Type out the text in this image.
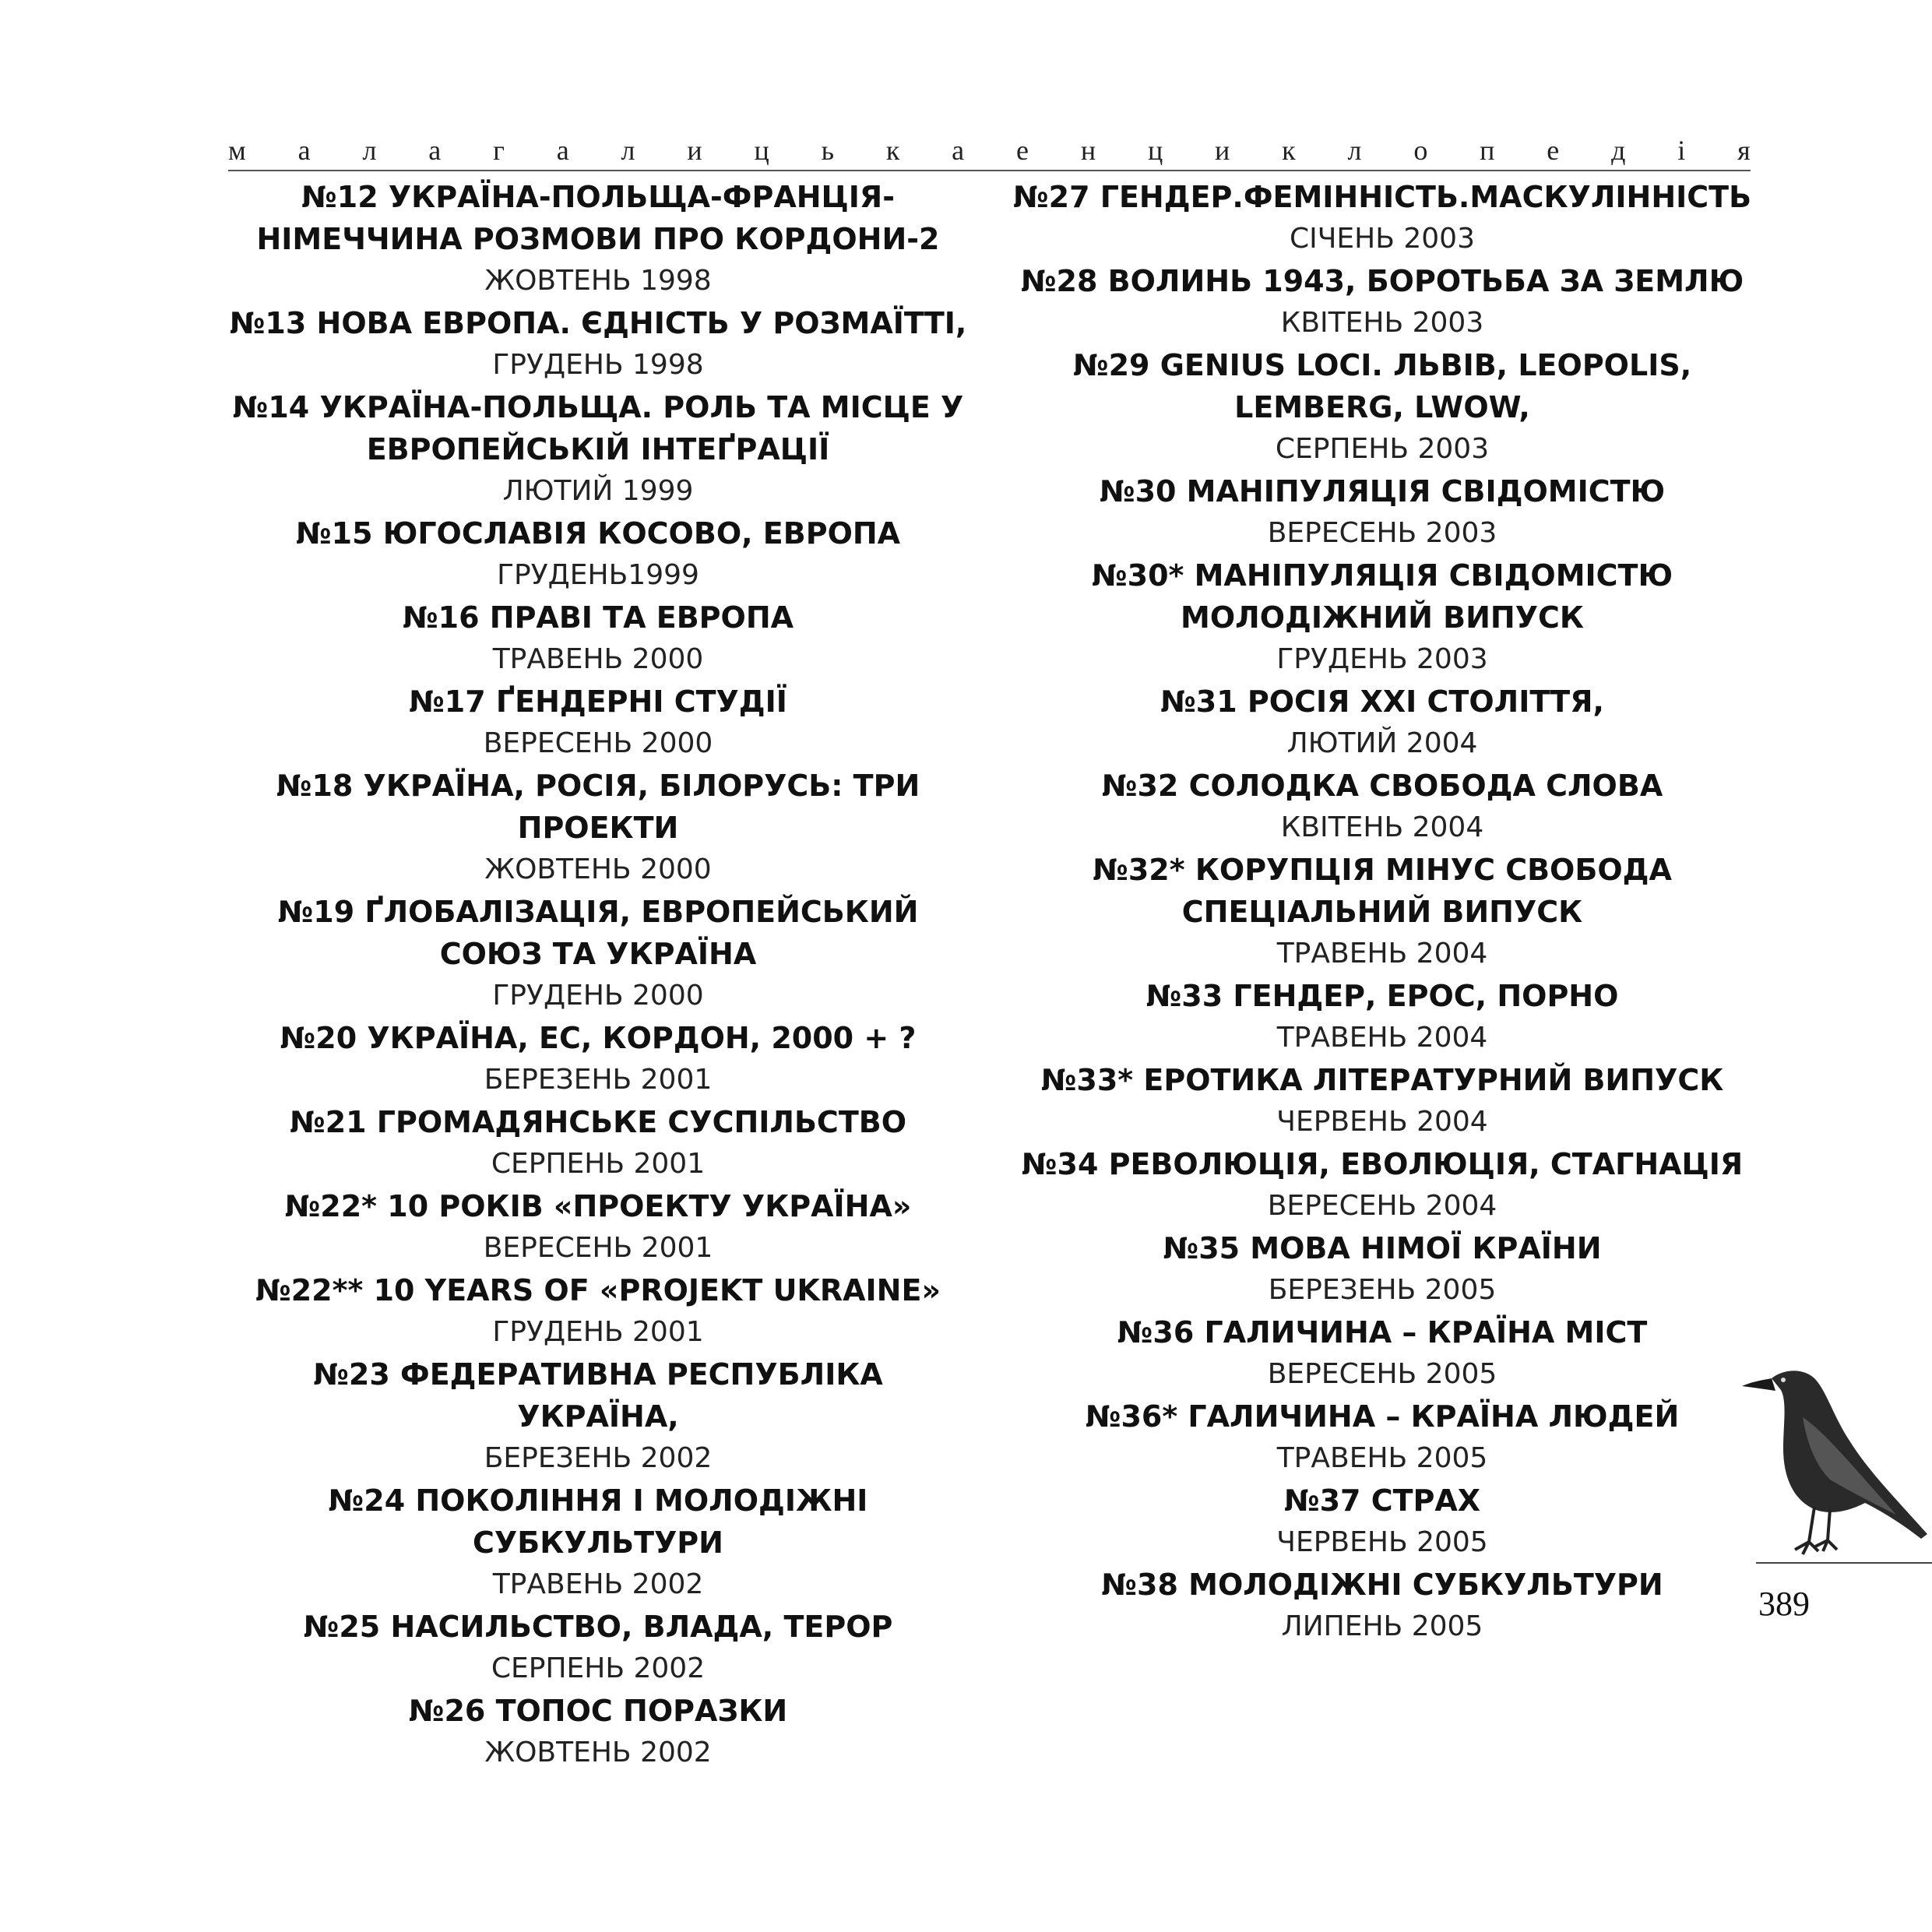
м а л а г а л и ц ь к а е н ц и к л о п е д і я
№12 УКРАЇНА-ПОЛЬЩА-ФРАНЦІЯ-НІМЕЧЧИНА РОЗМОВИ ПРО КОРДОНИ-2
ЖОВТЕНЬ 1998
№13 НОВА ЕВРОПА. ЄДНІСТЬ У РОЗМАЇТТІ,
ГРУДЕНЬ 1998
№14 УКРАЇНА-ПОЛЬЩА. РОЛЬ ТА МІСЦЕ У ЕВРОПЕЙСЬКІЙ ІНТЕҐРАЦІЇ
ЛЮТИЙ 1999
№15 ЮГОСЛАВІЯ КОСОВО, ЕВРОПА
ГРУДЕНЬ1999
№16 ПРАВІ ТА ЕВРОПА
ТРАВЕНЬ 2000
№17 ҐЕНДЕРНІ СТУДІЇ
ВЕРЕСЕНЬ 2000
№18 УКРАЇНА, РОСІЯ, БІЛОРУСЬ: ТРИ ПРОЕКТИ
ЖОВТЕНЬ 2000
№19 ҐЛОБАЛІЗАЦІЯ, ЕВРОПЕЙСЬКИЙ СОЮЗ ТА УКРАЇНА
ГРУДЕНЬ 2000
№20 УКРАЇНА, ЕС, КОРДОН, 2000 + ?
БЕРЕЗЕНЬ 2001
№21 ГРОМАДЯНСЬКЕ СУСПІЛЬСТВО
СЕРПЕНЬ 2001
№22* 10 РОКІВ «ПРОЕКТУ УКРАЇНА»
ВЕРЕСЕНЬ 2001
№22** 10 YEARS OF «PROJEKT UKRAINE»
ГРУДЕНЬ 2001
№23 ФЕДЕРАТИВНА РЕСПУБЛІКА УКРАЇНА,
БЕРЕЗЕНЬ 2002
№24 ПОКОЛІННЯ І МОЛОДІЖНІ СУБКУЛЬТУРИ
ТРАВЕНЬ 2002
№25 НАСИЛЬСТВО, ВЛАДА, ТЕРОР
СЕРПЕНЬ 2002
№26 ТОПОС ПОРАЗКИ
ЖОВТЕНЬ 2002
№27 ГЕНДЕР.ФЕМІННІСТЬ.МАСКУЛІННІСТЬ
СІЧЕНЬ 2003
№28 ВОЛИНЬ 1943, БОРОТЬБА ЗА ЗЕМЛЮ
КВІТЕНЬ 2003
№29 GENIUS LOCI. ЛЬВІВ, LEOPOLIS, LEMBERG, LWOW,
СЕРПЕНЬ 2003
№30 МАНІПУЛЯЦІЯ СВІДОМІСТЮ
ВЕРЕСЕНЬ 2003
№30* МАНІПУЛЯЦІЯ СВІДОМІСТЮ МОЛОДІЖНИЙ ВИПУСК
ГРУДЕНЬ 2003
№31 РОСІЯ XXI СТОЛІТТЯ,
ЛЮТИЙ 2004
№32 СОЛОДКА СВОБОДА СЛОВА
КВІТЕНЬ 2004
№32* КОРУПЦІЯ МІНУС СВОБОДА СПЕЦІАЛЬНИЙ ВИПУСК
ТРАВЕНЬ 2004
№33 ГЕНДЕР, ЕРОС, ПОРНО
ТРАВЕНЬ 2004
№33* ЕРОТИКА ЛІТЕРАТУРНИЙ ВИПУСК
ЧЕРВЕНЬ 2004
№34 РЕВОЛЮЦІЯ, ЕВОЛЮЦІЯ, СТАГНАЦІЯ
ВЕРЕСЕНЬ 2004
№35 МОВА НІМОЇ КРАЇНИ
БЕРЕЗЕНЬ 2005
№36 ГАЛИЧИНА – КРАЇНА МІСТ
ВЕРЕСЕНЬ 2005
№36* ГАЛИЧИНА – КРАЇНА ЛЮДЕЙ
ТРАВЕНЬ 2005
№37 СТРАХ
ЧЕРВЕНЬ 2005
№38 МОЛОДІЖНІ СУБКУЛЬТУРИ
ЛИПЕНЬ 2005
389
